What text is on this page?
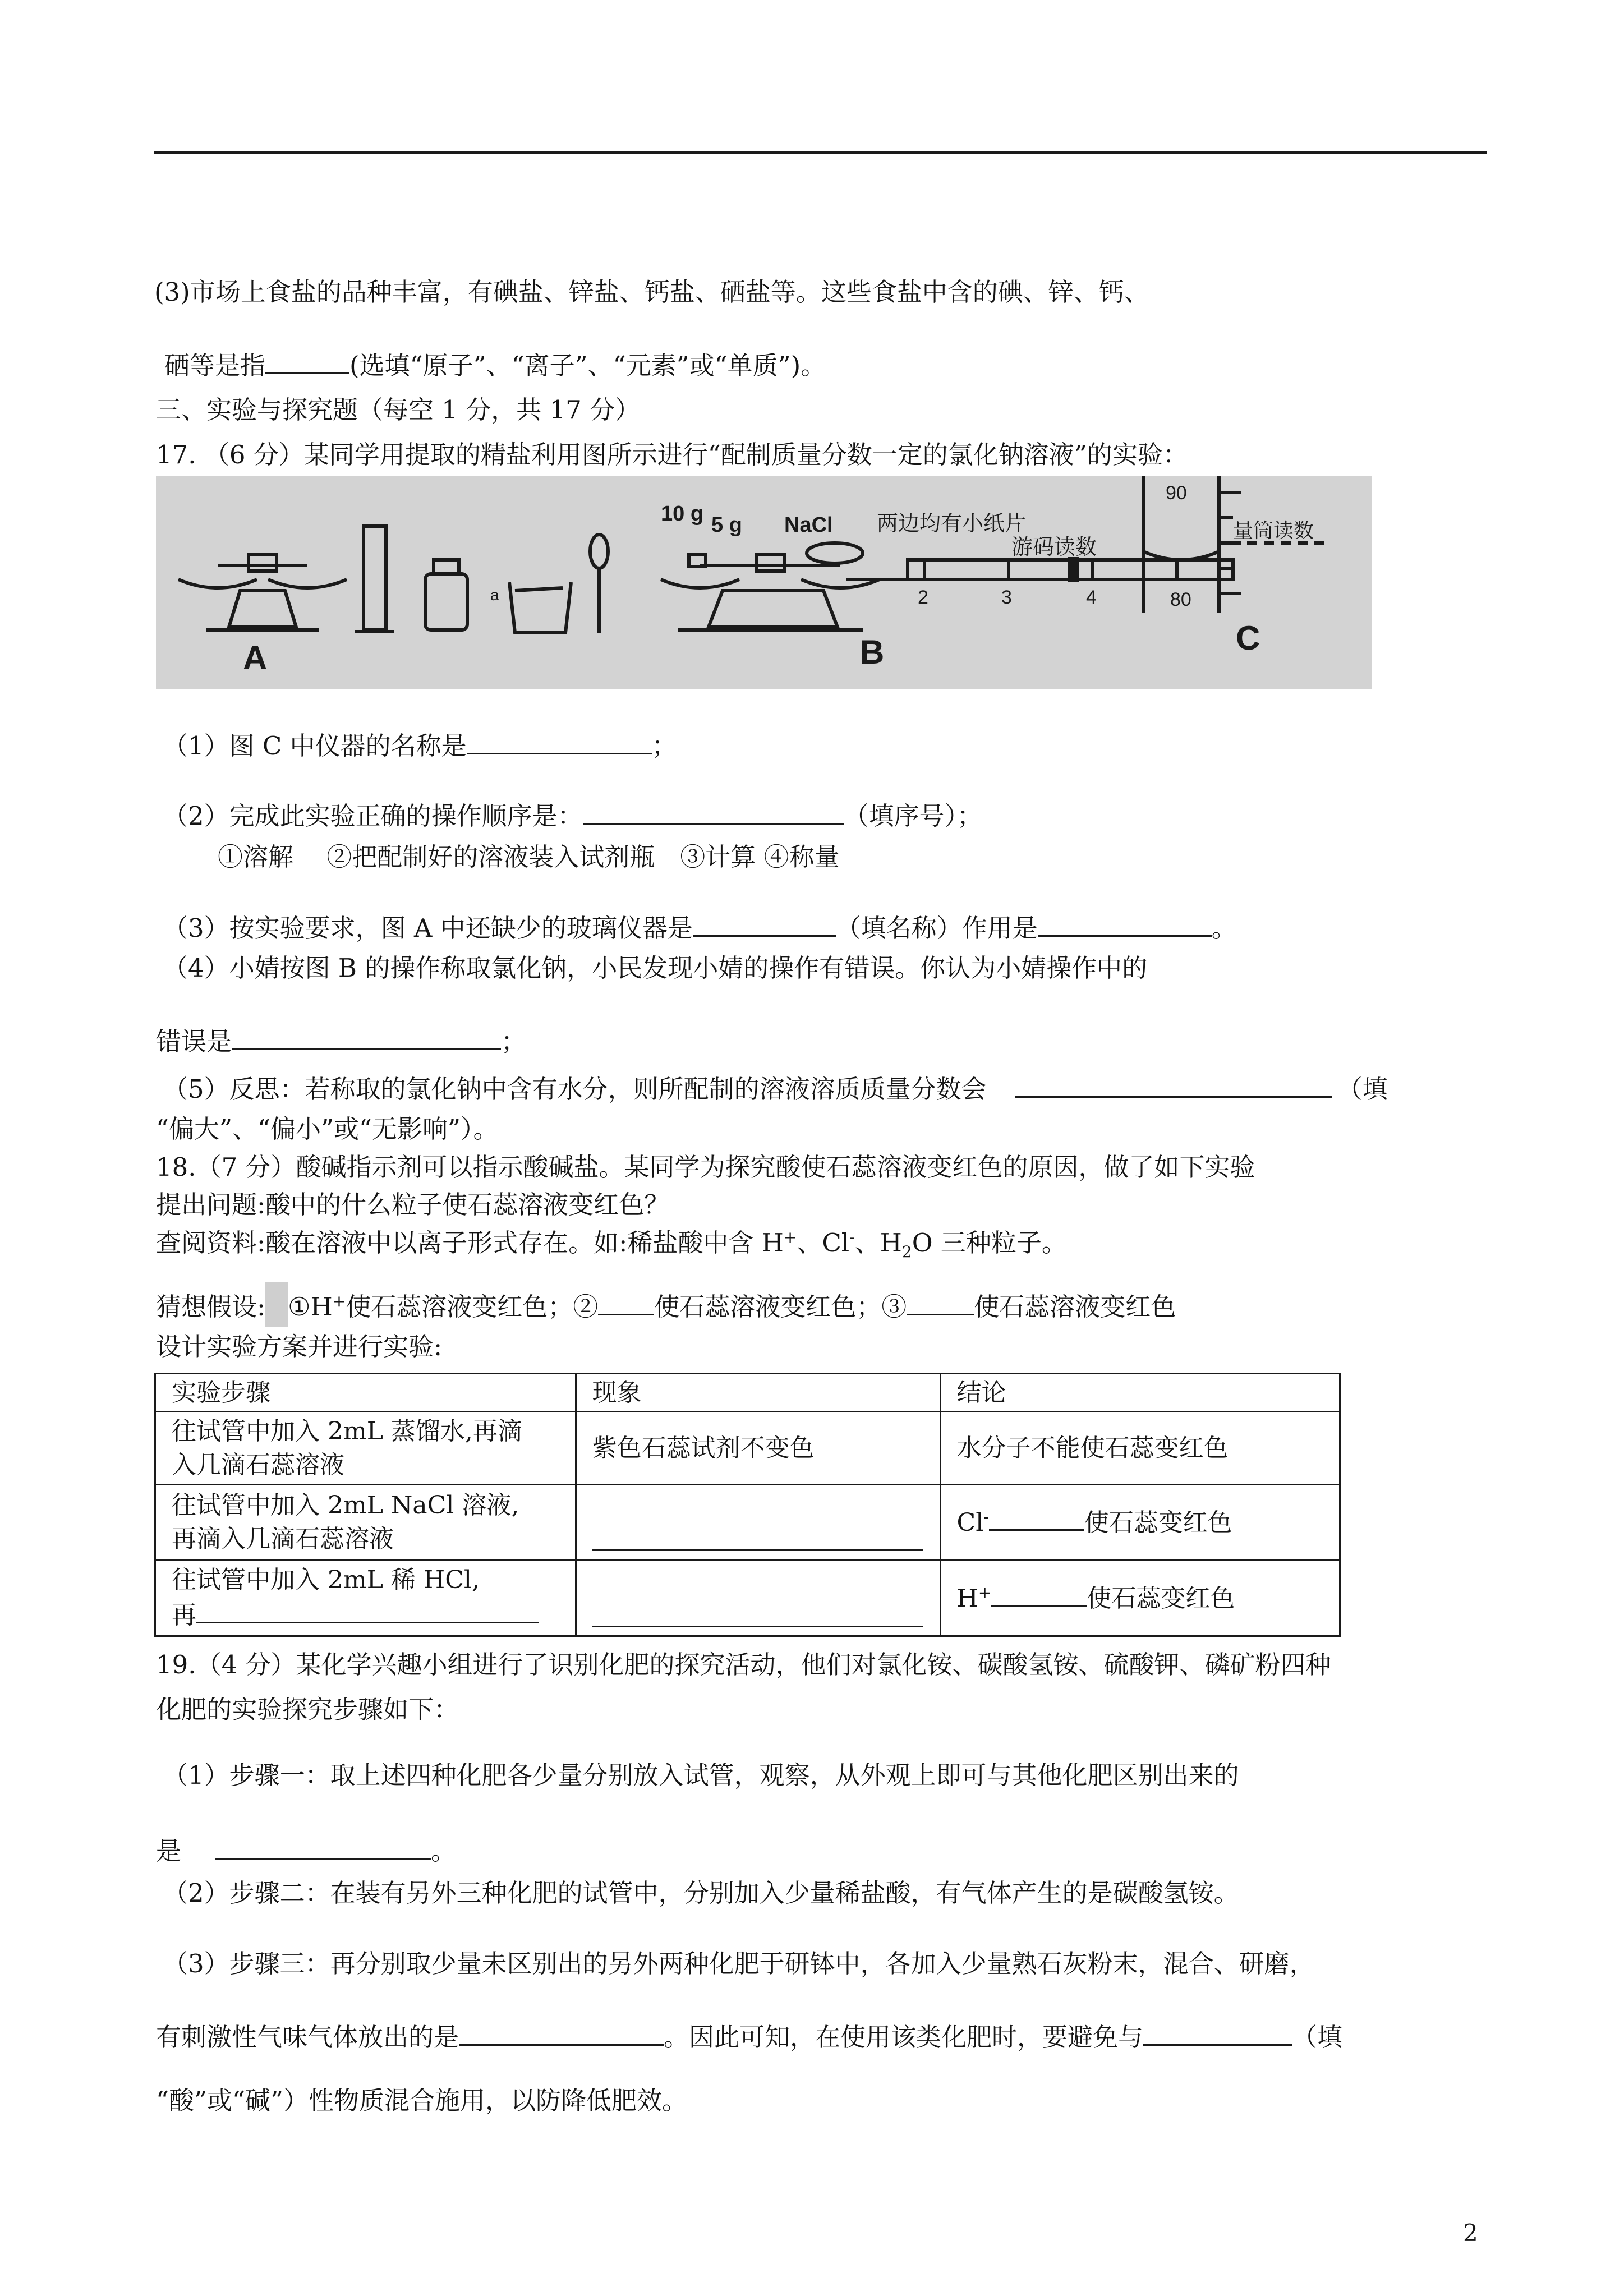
(3)市场上食盐的品种丰富，有碘盐、锌盐、钙盐、硒盐等。这些食盐中含的碘、锌、钙、
硒等是指	(选填“原子”、“离子”、“元素”或“单质”)。
三、实验与探究题（每空 1 分，共 17 分）
17. （6 分）某同学用提取的精盐利用图所示进行“配制质量分数一定的氯化钠溶液”的实验：
A	B	C
10 g 5 g NaCl 两边均有小纸片
游码读数
2	3	4
90
80
量筒读数
a
（1）图 C 中仪器的名称是	；
（2）完成此实验正确的操作顺序是：	（填序号）；
①溶解　 ②把配制好的溶液装入试剂瓶　③计算 ④称量
（3）按实验要求，图 A 中还缺少的玻璃仪器是	（填名称）作用是	。
（4）小婧按图 B 的操作称取氯化钠，小民发现小婧的操作有错误。你认为小婧操作中的
错误是	；
（5）反思：若称取的氯化钠中含有水分，则所配制的溶液溶质质量分数会	（填
“偏大”、“偏小”或“无影响”）。
18.（7 分）酸碱指示剂可以指示酸碱盐。某同学为探究酸使石蕊溶液变红色的原因，做了如下实验
提出问题:酸中的什么粒子使石蕊溶液变红色？
查阅资料:酸在溶液中以离子形式存在。如:稀盐酸中含 H+、Cl-、$H_2O$ 三种粒子。
猜想假设: ①H+使石蕊溶液变红色；② 使石蕊溶液变红色；③	使石蕊溶液变红色
设计实验方案并进行实验:
实验步骤	现象	结论

往试管中加入 2mL 蒸馏水,再滴
入几滴石蕊溶液	紫色石蕊试剂不变色	水分子不能使石蕊变红色

往试管中加入 2mL NaCl 溶液,
再滴入几滴石蕊溶液		Cl- 使石蕊变红色

往试管中加入 2mL 稀 HCl,
再		H+ 使石蕊变红色
19.（4 分）某化学兴趣小组进行了识别化肥的探究活动，他们对氯化铵、碳酸氢铵、硫酸钾、磷矿粉四种
化肥的实验探究步骤如下：
（1）步骤一：取上述四种化肥各少量分别放入试管，观察，从外观上即可与其他化肥区别出来的
是	。
（2）步骤二：在装有另外三种化肥的试管中，分别加入少量稀盐酸，有气体产生的是碳酸氢铵。
（3）步骤三：再分别取少量未区别出的另外两种化肥于研钵中，各加入少量熟石灰粉末，混合、研磨，
有刺激性气味气体放出的是	。因此可知，在使用该类化肥时，要避免与	（填
“酸”或“碱”）性物质混合施用，以防降低肥效。
2
